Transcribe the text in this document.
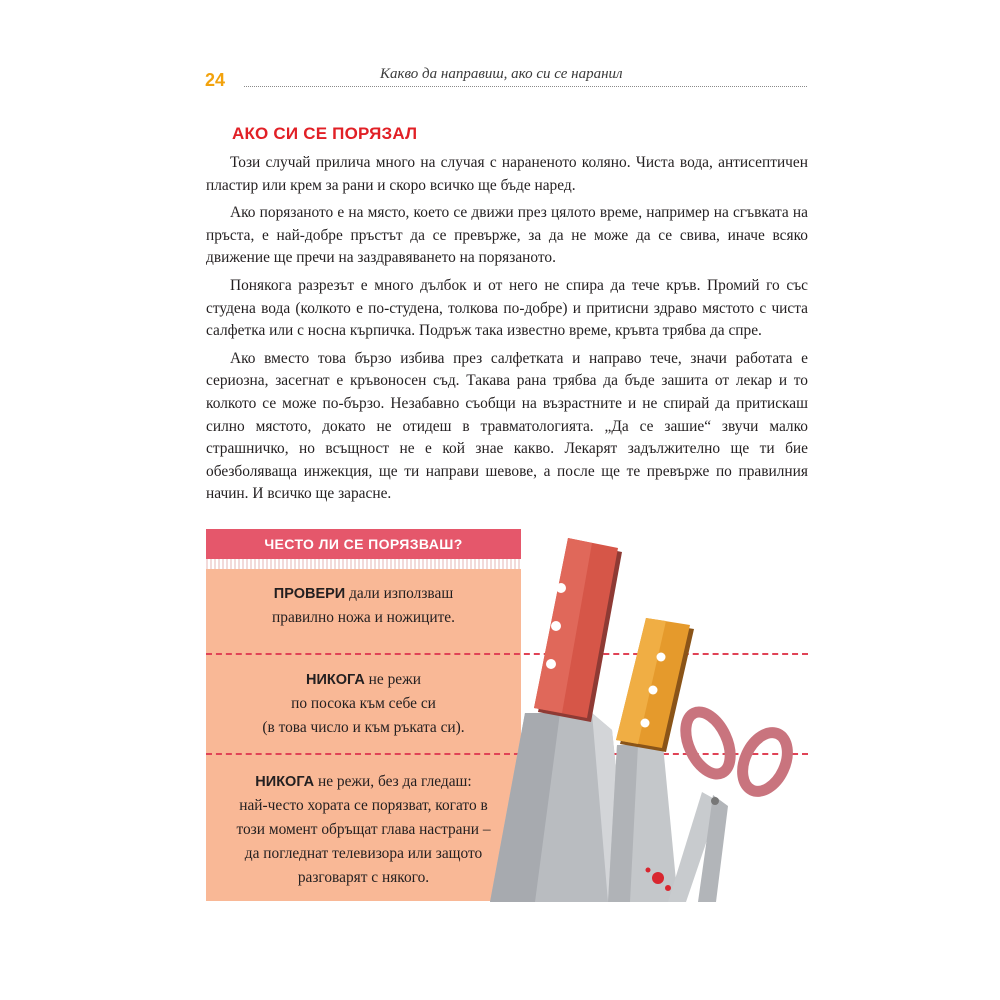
24	Какво да направиш, ако си се наранил
АКО СИ СЕ ПОРЯЗАЛ

Този случай прилича много на случая с нараненото коляно. Чиста вода, антисептичен пластир или крем за рани и скоро всичко ще бъде наред.

Ако порязаното е на място, което се движи през цялото време, например на сгъвката на пръста, е най-добре пръстът да се превърже, за да не може да се свива, иначе всяко движение ще пречи на заздравяването на порязаното.

Понякога разрезът е много дълбок и от него не спира да тече кръв. Промий го със студена вода (колкото е по-студена, толкова по-добре) и притисни здраво мястото с чиста салфетка или с носна кърпичка. Подръж така известно време, кръвта трябва да спре.

Ако вместо това бързо избива през салфетката и направо тече, значи работата е сериозна, засегнат е кръвоносен съд. Такава рана трябва да бъде зашита от лекар и то колкото се може по-бързо. Незабавно съобщи на възрастните и не спирай да притискаш силно мястото, докато не отидеш в травматологията. „Да се зашие“ звучи малко страшничко, но всъщност не е кой знае какво. Лекарят задължително ще ти бие обезболяваща инжекция, ще ти направи шевове, а после ще те превърже по правилния начин. И всичко ще зарасне.

ЧЕСТО ЛИ СЕ ПОРЯЗВАШ?
ПРОВЕРИ дали използваш
правилно ножа и ножиците.
НИКОГА не режи
по посока към себе си
(в това число и към ръката си).
НИКОГА не режи, без да гледаш:
най-често хората се порязват, когато в
този момент обръщат глава настрани –
да погледнат телевизора или защото
разговарят с някого.
